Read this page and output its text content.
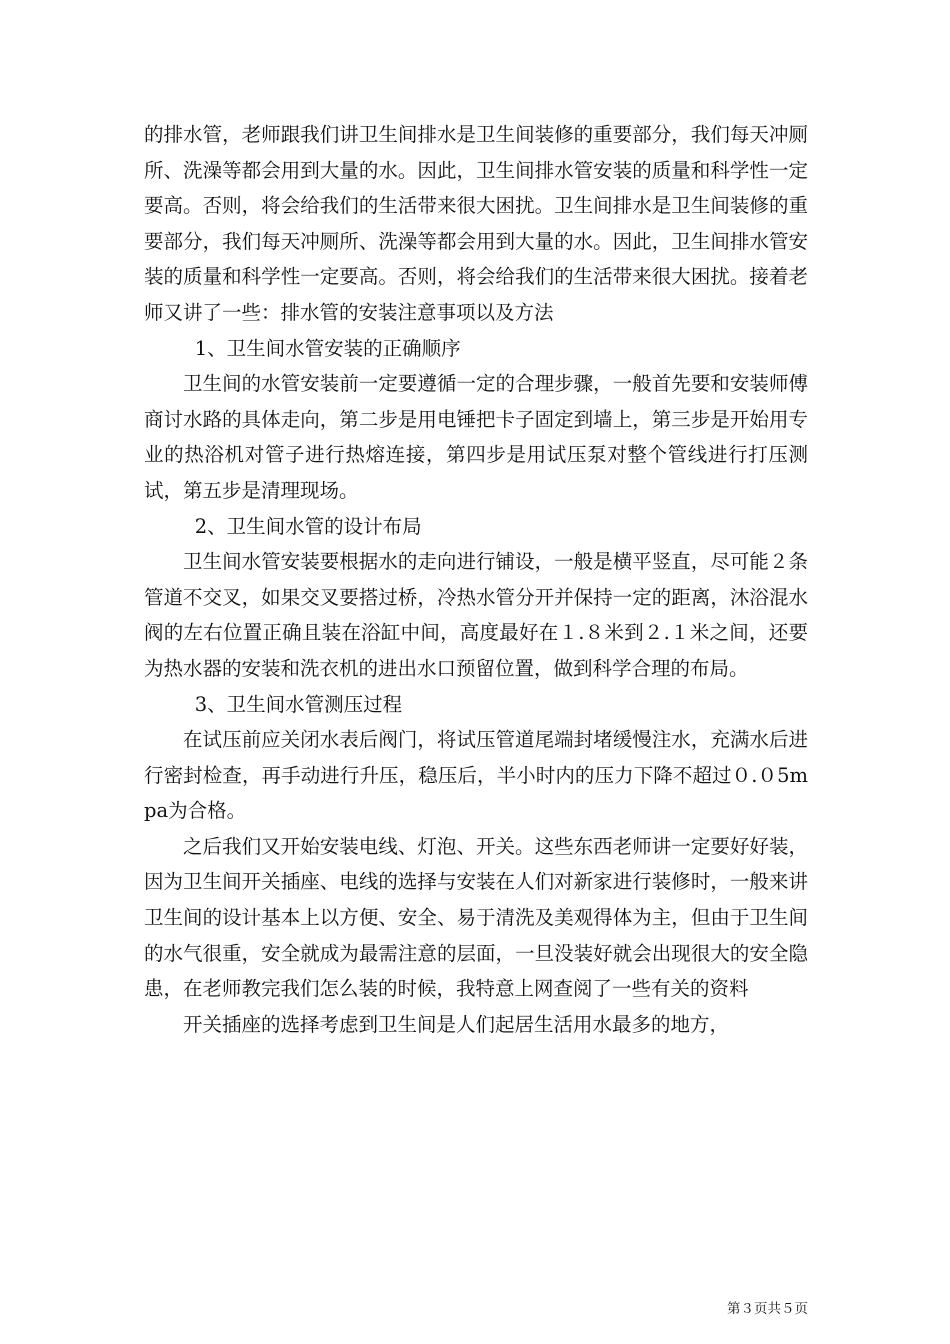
的排水管，老师跟我们讲卫生间排水是卫生间装修的重要部分，我们每天冲厕所、洗澡等都会用到大量的水。因此，卫生间排水管安装的质量和科学性一定要高。否则，将会给我们的生活带来很大困扰。卫生间排水是卫生间装修的重要部分，我们每天冲厕所、洗澡等都会用到大量的水。因此，卫生间排水管安装的质量和科学性一定要高。否则，将会给我们的生活带来很大困扰。接着老师又讲了一些：排水管的安装注意事项以及方法

1、卫生间水管安装的正确顺序

卫生间的水管安装前一定要遵循一定的合理步骤，一般首先要和安装师傅商讨水路的具体走向，第二步是用电锤把卡子固定到墙上，第三步是开始用专业的热浴机对管子进行热熔连接，第四步是用试压泵对整个管线进行打压测试，第五步是清理现场。

2、卫生间水管的设计布局

卫生间水管安装要根据水的走向进行铺设，一般是横平竖直，尽可能２条管道不交叉，如果交叉要搭过桥，冷热水管分开并保持一定的距离，沐浴混水阀的左右位置正确且装在浴缸中间，高度最好在１.８米到２.１米之间，还要为热水器的安装和洗衣机的进出水口预留位置，做到科学合理的布局。

3、卫生间水管测压过程

在试压前应关闭水表后阀门，将试压管道尾端封堵缓慢注水，充满水后进行密封检查，再手动进行升压，稳压后，半小时内的压力下降不超过０.０5mpa为合格。

之后我们又开始安装电线、灯泡、开关。这些东西老师讲一定要好好装，因为卫生间开关插座、电线的选择与安装在人们对新家进行装修时，一般来讲卫生间的设计基本上以方便、安全、易于清洗及美观得体为主，但由于卫生间的水气很重，安全就成为最需注意的层面，一旦没装好就会出现很大的安全隐患，在老师教完我们怎么装的时候，我特意上网查阅了一些有关的资料

开关插座的选择考虑到卫生间是人们起居生活用水最多的地方，

第３页共５页
